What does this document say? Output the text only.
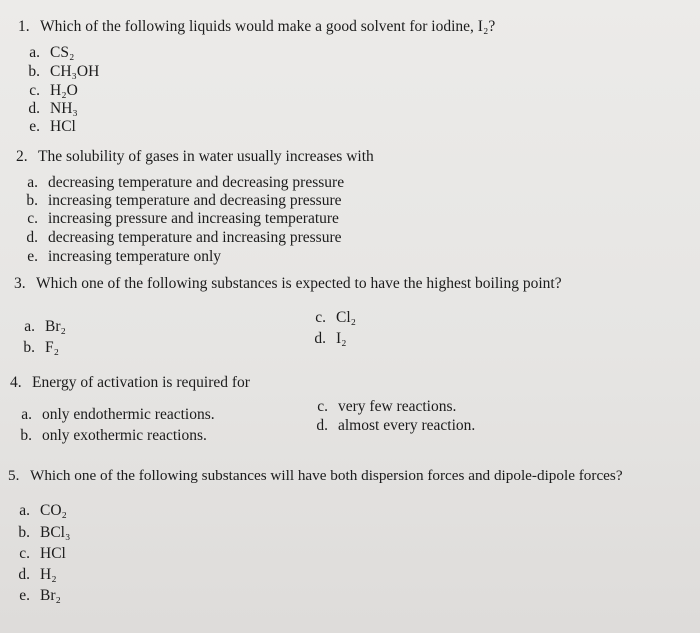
1. Which of the following liquids would make a good solvent for iodine, I₂?
a. CS₂
b. CH₃OH
c. H₂O
d. NH₃
e. HCl
2. The solubility of gases in water usually increases with
a. decreasing temperature and decreasing pressure
b. increasing temperature and decreasing pressure
c. increasing pressure and increasing temperature
d. decreasing temperature and increasing pressure
e. increasing temperature only
3. Which one of the following substances is expected to have the highest boiling point?
a. Br₂
b. F₂
c. Cl₂
d. I₂
4. Energy of activation is required for
a. only endothermic reactions.
b. only exothermic reactions.
c. very few reactions.
d. almost every reaction.
5. Which one of the following substances will have both dispersion forces and dipole-dipole forces?
a. CO₂
b. BCl₃
c. HCl
d. H₂
e. Br₂
